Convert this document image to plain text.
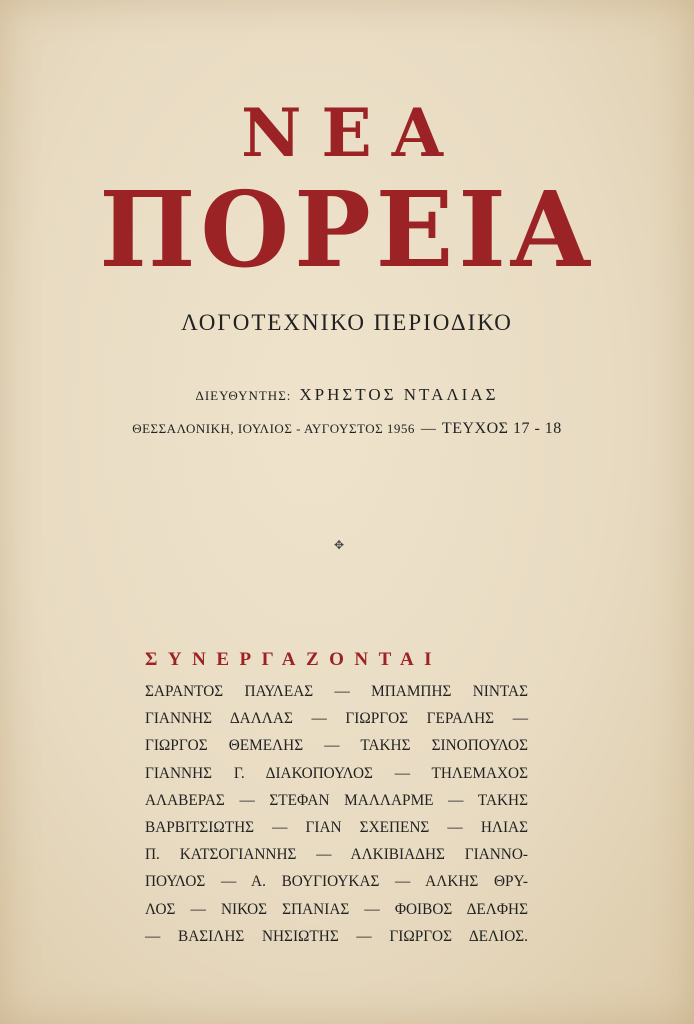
ΝΕΑ
ΠΟΡΕΙΑ
ΛΟΓΟΤΕΧΝΙΚΟ ΠΕΡΙΟΔΙΚΟ
ΔΙΕΥΘΥΝΤΗΣ: ΧΡΗΣΤΟΣ ΝΤΑΛΙΑΣ
ΘΕΣΣΑΛΟΝΙΚΗ, ΙΟΥΛΙΟΣ - ΑΥΓΟΥΣΤΟΣ 1956 — ΤΕΥΧΟΣ 17 - 18
✥
ΣΥΝΕΡΓΑΖΟΝΤΑΙ
ΣΑΡΑΝΤΟΣ ΠΑΥΛΕΑΣ — ΜΠΑΜΠΗΣ ΝΙΝΤΑΣ
ΓΙΑΝΝΗΣ ΔΑΛΛΑΣ — ΓΙΩΡΓΟΣ ΓΕΡΑΛΗΣ —
ΓΙΩΡΓΟΣ ΘΕΜΕΛΗΣ — ΤΑΚΗΣ ΣΙΝΟΠΟΥΛΟΣ
ΓΙΑΝΝΗΣ Γ. ΔΙΑΚΟΠΟΥΛΟΣ — ΤΗΛΕΜΑΧΟΣ
ΑΛΑΒΕΡΑΣ — ΣΤΕΦΑΝ ΜΑΛΛΑΡΜΕ — ΤΑΚΗΣ
ΒΑΡΒΙΤΣΙΩΤΗΣ — ΓΙΑΝ ΣΧΕΠΕΝΣ — ΗΛΙΑΣ
Π. ΚΑΤΣΟΓΙΑΝΝΗΣ — ΑΛΚΙΒΙΑΔΗΣ ΓΙΑΝΝΟ-
ΠΟΥΛΟΣ — Α. ΒΟΥΓΙΟΥΚΑΣ — ΑΛΚΗΣ ΘΡΥ-
ΛΟΣ — ΝΙΚΟΣ ΣΠΑΝΙΑΣ — ΦΟΙΒΟΣ ΔΕΛΦΗΣ
— ΒΑΣΙΛΗΣ ΝΗΣΙΩΤΗΣ — ΓΙΩΡΓΟΣ ΔΕΛΙΟΣ.
